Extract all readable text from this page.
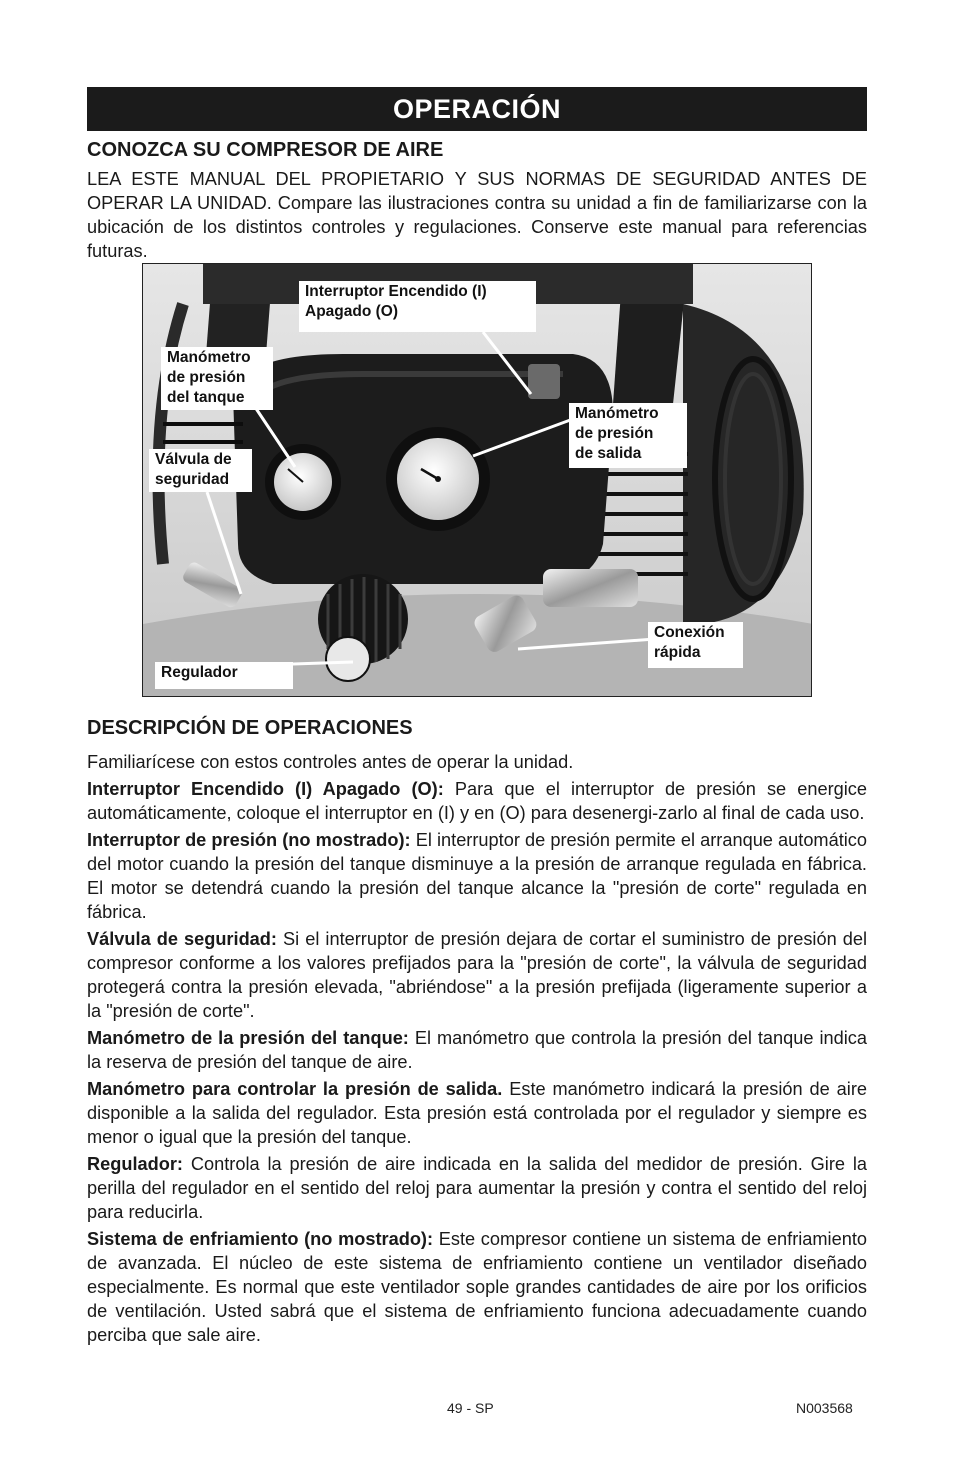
OPERACIÓN
CONOZCA SU COMPRESOR DE AIRE
LEA ESTE MANUAL DEL PROPIETARIO Y SUS NORMAS DE SEGURIDAD ANTES DE OPERAR LA UNIDAD. Compare las ilustraciones contra su unidad a fin de familiarizarse con la ubicación de los distintos controles y regulaciones. Conserve este manual para referencias futuras.
Interruptor Encendido (I)
Apagado (O)
Manómetro
de presión
del tanque
Válvula de
seguridad
Manómetro
de presión
de salida
Conexión
rápida
Regulador
DESCRIPCIÓN DE OPERACIONES

Familiarícese con estos controles antes de operar la unidad.

Interruptor Encendido (I) Apagado (O): Para que el interruptor de presión se energice automáticamente, coloque el interruptor en (I) y en (O) para desenergi-zarlo al final de cada uso.

Interruptor de presión (no mostrado): El interruptor de presión permite el arranque automático del motor cuando la presión del tanque disminuye a la presión de arranque regulada en fábrica. El motor se detendrá cuando la presión del tanque alcance la "presión de corte" regulada en fábrica.

Válvula de seguridad: Si el interruptor de presión dejara de cortar el suministro de presión del compresor conforme a los valores prefijados para la "presión de corte", la válvula de seguridad protegerá contra la presión elevada, "abriéndose" a la presión prefijada (ligeramente superior a la "presión de corte".

Manómetro de la presión del tanque: El manómetro que controla la presión del tanque indica la reserva de presión del tanque de aire.

Manómetro para controlar la presión de salida. Este manómetro indicará la presión de aire disponible a la salida del regulador. Esta presión está controlada por el regulador y siempre es menor o igual que la presión del tanque.

Regulador: Controla la presión de aire indicada en la salida del medidor de presión. Gire la perilla del regulador en el sentido del reloj para aumentar la presión y contra el sentido del reloj para reducirla.

Sistema de enfriamiento (no mostrado): Este compresor contiene un sistema de enfriamiento de avanzada. El núcleo de este sistema de enfriamiento contiene un ventilador diseñado especialmente. Es normal que este ventilador sople grandes cantidades de aire por los orificios de ventilación. Usted sabrá que el sistema de enfriamiento funciona adecuadamente cuando perciba que sale aire.

49 - SP	N003568
